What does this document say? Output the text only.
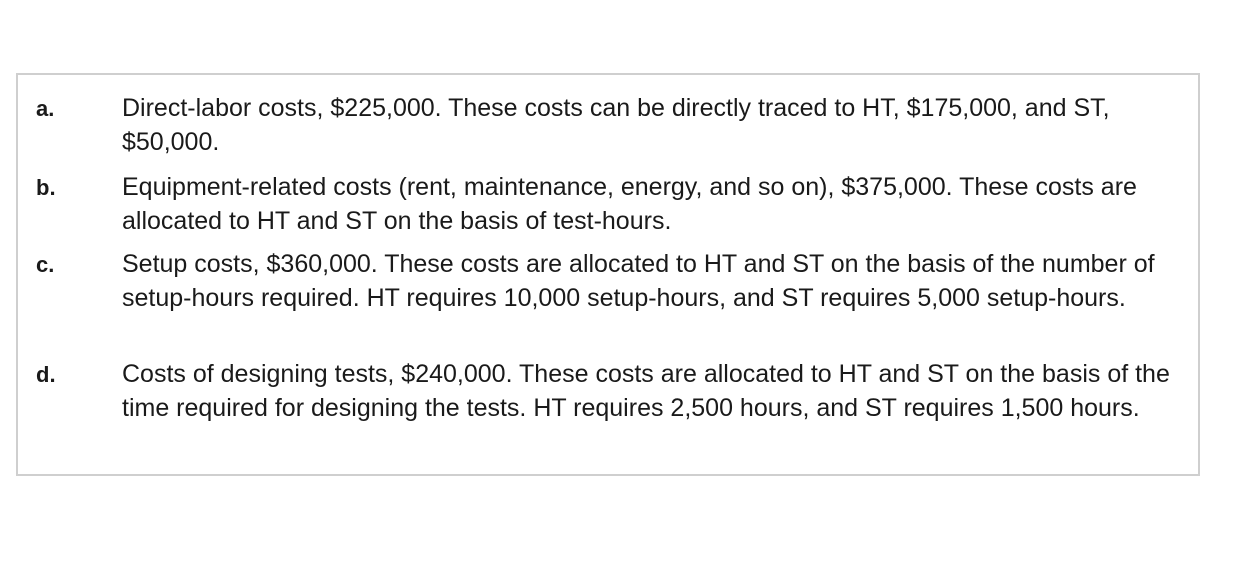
a.	Direct-labor costs, $225,000. These costs can be directly traced to HT, $175,000, and ST, $50,000.

b.	Equipment-related costs (rent, maintenance, energy, and so on), $375,000. These costs are allocated to HT and ST on the basis of test-hours.

c.	Setup costs, $360,000. These costs are allocated to HT and ST on the basis of the number of setup-hours required. HT requires 10,000 setup-hours, and ST requires 5,000 setup-hours.

d.	Costs of designing tests, $240,000. These costs are allocated to HT and ST on the basis of the time required for designing the tests. HT requires 2,500 hours, and ST requires 1,500 hours.
